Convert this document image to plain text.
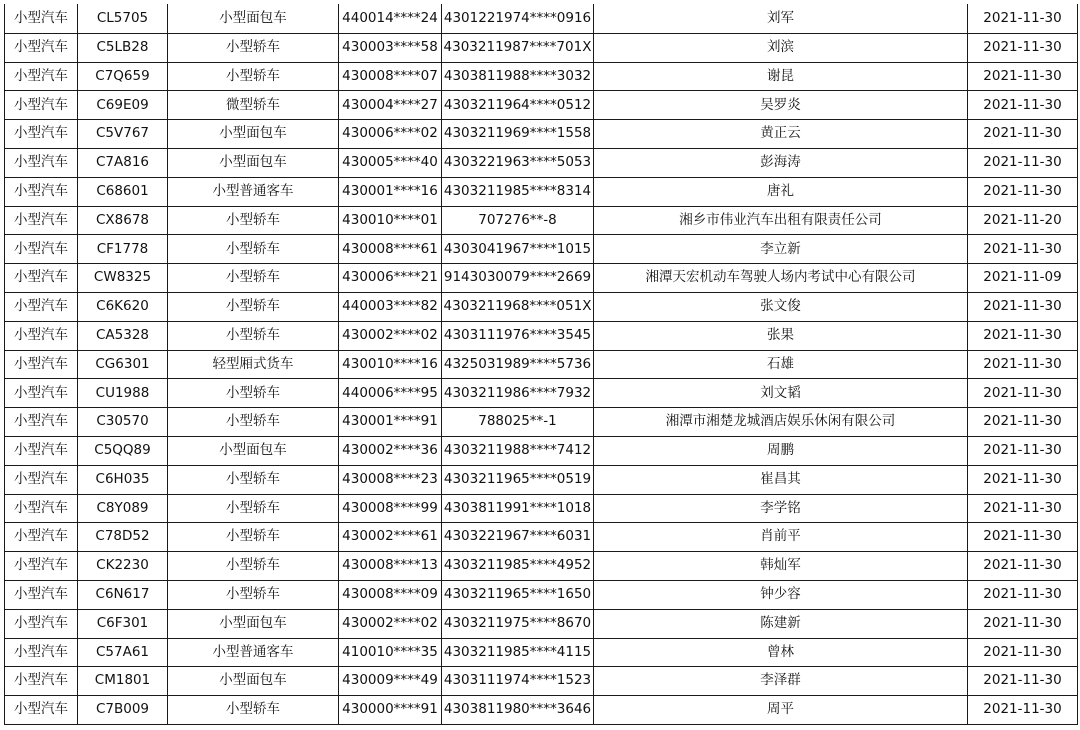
小型汽车	CL5705	小型面包车	440014****24	4301221974****0916	刘军	2021-11-30
小型汽车	C5LB28	小型轿车	430003****58	4303211987****701X	刘滨	2021-11-30
小型汽车	C7Q659	小型轿车	430008****07	4303811988****3032	谢昆	2021-11-30
小型汽车	C69E09	微型轿车	430004****27	4303211964****0512	吴罗炎	2021-11-30
小型汽车	C5V767	小型面包车	430006****02	4303211969****1558	黄正云	2021-11-30
小型汽车	C7A816	小型面包车	430005****40	4303221963****5053	彭海涛	2021-11-30
小型汽车	C68601	小型普通客车	430001****16	4303211985****8314	唐礼	2021-11-30
小型汽车	CX8678	小型轿车	430010****01	707276**-8	湘乡市伟业汽车出租有限责任公司	2021-11-20
小型汽车	CF1778	小型轿车	430008****61	4303041967****1015	李立新	2021-11-30
小型汽车	CW8325	小型轿车	430006****21	9143030079****2669	湘潭天宏机动车驾驶人场内考试中心有限公司	2021-11-09
小型汽车	C6K620	小型轿车	440003****82	4303211968****051X	张文俊	2021-11-30
小型汽车	CA5328	小型轿车	430002****02	4303111976****3545	张果	2021-11-30
小型汽车	CG6301	轻型厢式货车	430010****16	4325031989****5736	石雄	2021-11-30
小型汽车	CU1988	小型轿车	440006****95	4303211986****7932	刘文韬	2021-11-30
小型汽车	C30570	小型轿车	430001****91	788025**-1	湘潭市湘楚龙城酒店娱乐休闲有限公司	2021-11-30
小型汽车	C5QQ89	小型面包车	430002****36	4303211988****7412	周鹏	2021-11-30
小型汽车	C6H035	小型轿车	430008****23	4303211965****0519	崔昌其	2021-11-30
小型汽车	C8Y089	小型轿车	430008****99	4303811991****1018	李学铭	2021-11-30
小型汽车	C78D52	小型轿车	430002****61	4303221967****6031	肖前平	2021-11-30
小型汽车	CK2230	小型轿车	430008****13	4303211985****4952	韩灿军	2021-11-30
小型汽车	C6N617	小型轿车	430008****09	4303211965****1650	钟少容	2021-11-30
小型汽车	C6F301	小型面包车	430002****02	4303211975****8670	陈建新	2021-11-30
小型汽车	C57A61	小型普通客车	410010****35	4303211985****4115	曾林	2021-11-30
小型汽车	CM1801	小型面包车	430009****49	4303111974****1523	李泽群	2021-11-30
小型汽车	C7B009	小型轿车	430000****91	4303811980****3646	周平	2021-11-30
